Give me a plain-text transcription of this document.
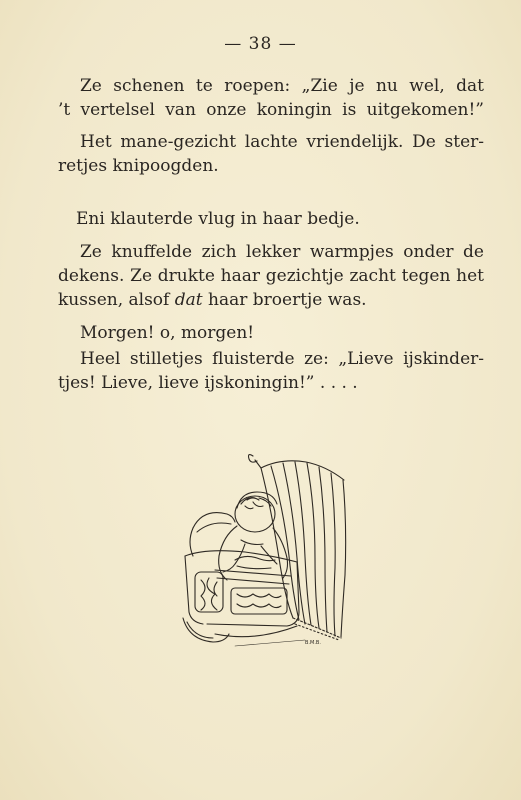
— 38 —
Ze schenen te roepen: „Zie je nu wel, dat
’t vertelsel van onze koningin is uitgekomen!”
Het mane-gezicht lachte vriendelijk. De ster-
retjes knipoogden.
Eni klauterde vlug in haar bedje.
Ze knuffelde zich lekker warmpjes onder de
dekens. Ze drukte haar gezichtje zacht tegen het
kussen, alsof dat haar broertje was.
Morgen! o, morgen!
Heel stilletjes fluisterde ze: „Lieve ijskinder-
tjes! Lieve, lieve ijskoningin!” . . . .
B.M.B.
